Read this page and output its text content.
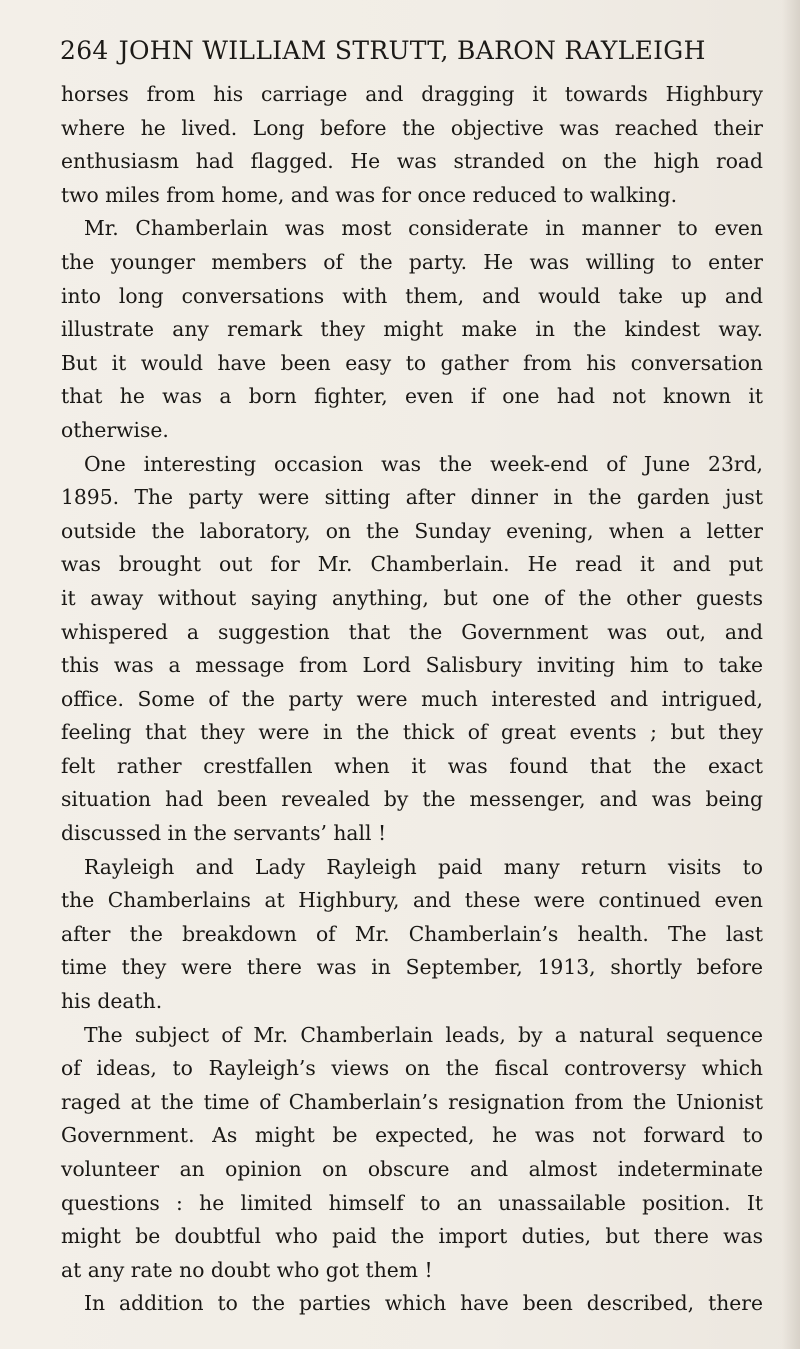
264 JOHN WILLIAM STRUTT, BARON RAYLEIGH
horses from his carriage and dragging it towards Highbury
where he lived. Long before the objective was reached their
enthusiasm had flagged. He was stranded on the high road
two miles from home, and was for once reduced to walking.
Mr. Chamberlain was most considerate in manner to even
the younger members of the party. He was willing to enter
into long conversations with them, and would take up and
illustrate any remark they might make in the kindest way.
But it would have been easy to gather from his conversation
that he was a born fighter, even if one had not known it
otherwise.
One interesting occasion was the week-end of June 23rd,
1895. The party were sitting after dinner in the garden just
outside the laboratory, on the Sunday evening, when a letter
was brought out for Mr. Chamberlain. He read it and put
it away without saying anything, but one of the other guests
whispered a suggestion that the Government was out, and
this was a message from Lord Salisbury inviting him to take
office. Some of the party were much interested and intrigued,
feeling that they were in the thick of great events ; but they
felt rather crestfallen when it was found that the exact
situation had been revealed by the messenger, and was being
discussed in the servants’ hall !
Rayleigh and Lady Rayleigh paid many return visits to
the Chamberlains at Highbury, and these were continued even
after the breakdown of Mr. Chamberlain’s health. The last
time they were there was in September, 1913, shortly before
his death.
The subject of Mr. Chamberlain leads, by a natural sequence
of ideas, to Rayleigh’s views on the fiscal controversy which
raged at the time of Chamberlain’s resignation from the Unionist
Government. As might be expected, he was not forward to
volunteer an opinion on obscure and almost indeterminate
questions : he limited himself to an unassailable position. It
might be doubtful who paid the import duties, but there was
at any rate no doubt who got them !
In addition to the parties which have been described, there
